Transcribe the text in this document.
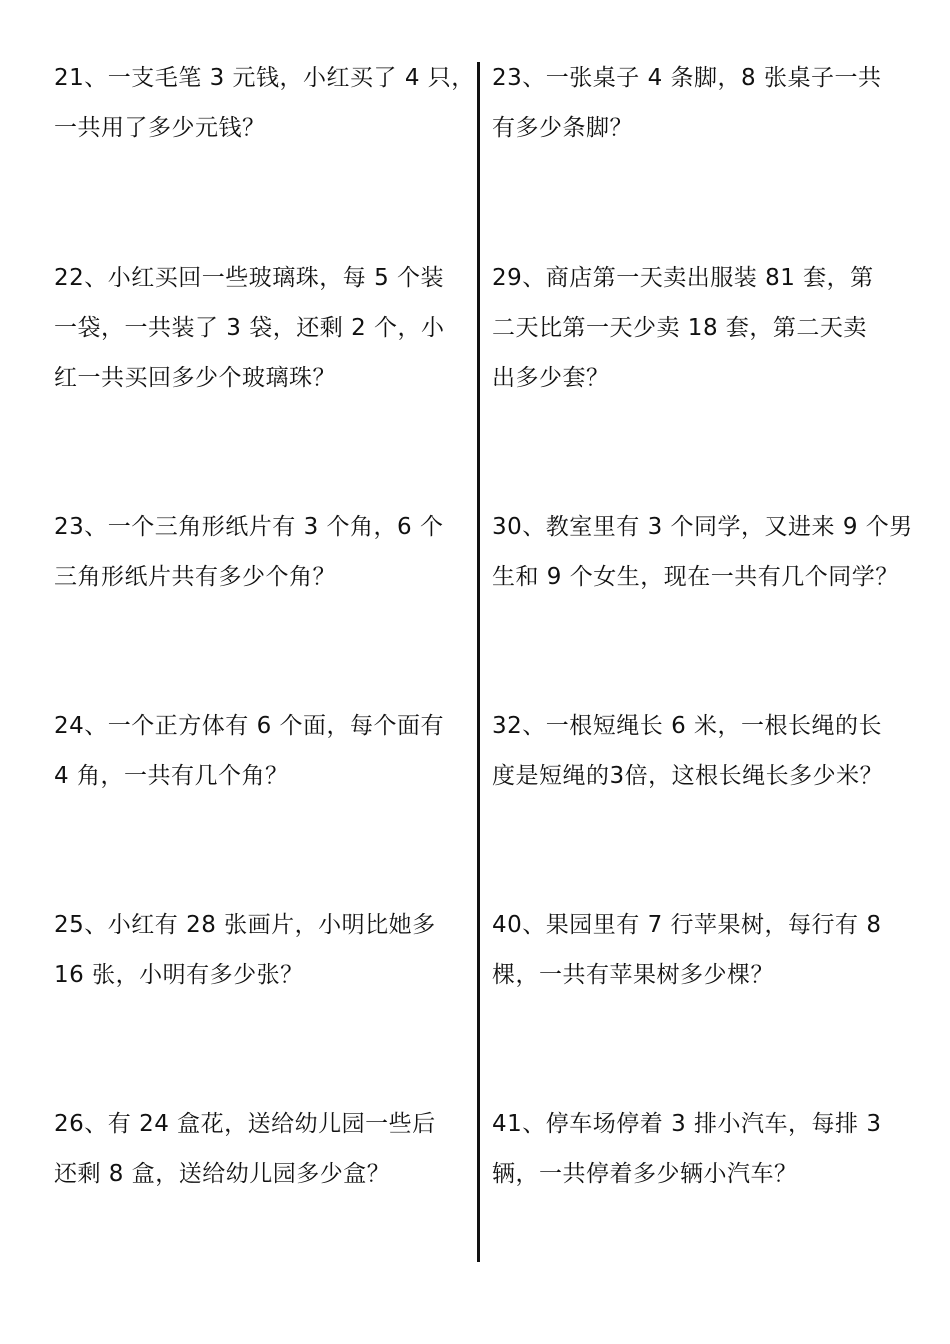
21、一支毛笔 3 元钱，小红买了 4 只，
一共用了多少元钱？
22、小红买回一些玻璃珠，每 5 个装
一袋，一共装了 3 袋，还剩 2 个，小
红一共买回多少个玻璃珠？
23、一个三角形纸片有 3 个角，6 个
三角形纸片共有多少个角？
24、一个正方体有 6 个面，每个面有
4 角，一共有几个角？
25、小红有 28 张画片，小明比她多
16 张，小明有多少张？
26、有 24 盒花，送给幼儿园一些后
还剩 8 盒，送给幼儿园多少盒？
23、一张桌子 4 条脚，8 张桌子一共
有多少条脚？
29、商店第一天卖出服装 81 套，第
二天比第一天少卖 18 套，第二天卖
出多少套？
30、教室里有 3 个同学，又进来 9 个男
生和 9 个女生，现在一共有几个同学？
32、一根短绳长 6 米，一根长绳的长
度是短绳的3倍，这根长绳长多少米？
40、果园里有 7 行苹果树，每行有 8
棵，一共有苹果树多少棵？
41、停车场停着 3 排小汽车，每排 3
辆，一共停着多少辆小汽车？
